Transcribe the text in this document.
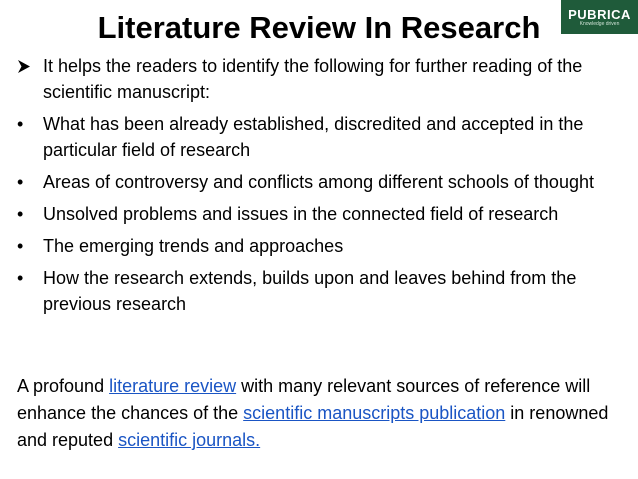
Literature Review In Research	PUBRICA
Knowledge driven
It helps the readers to identify the following for further reading of the scientific manuscript:
•	What has been already established, discredited and accepted in the particular field of research
•	Areas of controversy and conflicts among different schools of thought
•	Unsolved problems and issues in the connected field of research
•	The emerging trends and approaches
•	How the research extends, builds upon and leaves behind from the previous research

A profound literature review with many relevant sources of reference will enhance the chances of the scientific manuscripts publication in renowned and reputed scientific journals.
